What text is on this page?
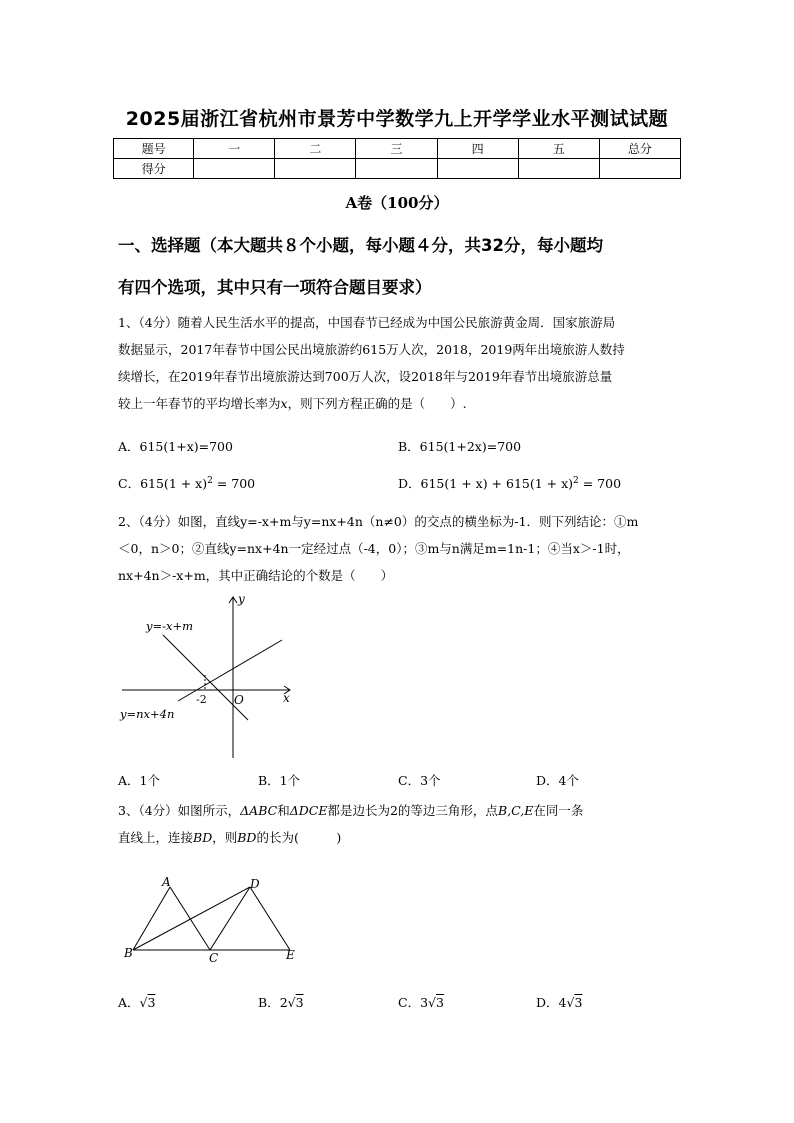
2025届浙江省杭州市景芳中学数学九上开学学业水平测试试题
题号	一	二	三	四	五	总分
得分						
A卷（100分）
一、选择题（本大题共８个小题，每小题４分，共32分，每小题均
有四个选项，其中只有一项符合题目要求）
1、（4分）随着人民生活水平的提高，中国春节已经成为中国公民旅游黄金周．国家旅游局
数据显示，2017年春节中国公民出境旅游约615万人次，2018，2019两年出境旅游人数持
续增长，在2019年春节出境旅游达到700万人次，设2018年与2019年春节出境旅游总量
较上一年春节的平均增长率为x，则下列方程正确的是（　　）.
A．615(1+x)=700	B．615(1+2x)=700
C．$615(1 + x)^2 = 700$	D．$615(1 + x) + 615(1 + x)^2 = 700$
2、（4分）如图，直线y=-x+m与y=nx+4n（n≠0）的交点的横坐标为-1．则下列结论：①m
＜0，n＞0；②直线y=nx+4n一定经过点（-4，0）；③m与n满足m=1n-1；④当x＞-1时，
nx+4n＞-x+m，其中正确结论的个数是（　　）
y
x
O
-2
y=-x+m
y=nx+4n
A
B	C
D
E
A．1个	B．1个	C．3个	D．4个
3、（4分）如图所示，ΔABC和ΔDCE都是边长为2的等边三角形，点B,C,E在同一条
直线上，连接BD，则BD的长为(　　　)
A．√3	B．2√3	C．3√3	D．4√3
